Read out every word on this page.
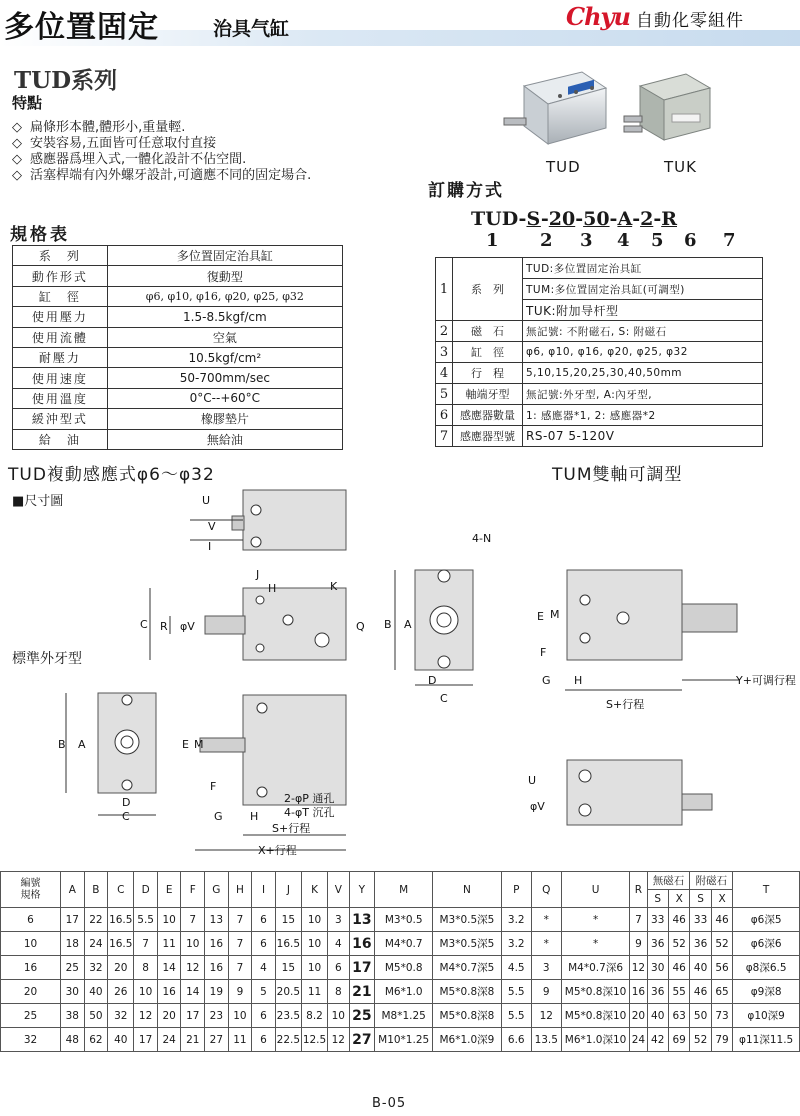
多位置固定	治具气缸	Chyu 自動化零組件
TUD系列
特點
◇ 扁條形本體,體形小,重量輕.
◇ 安裝容易,五面皆可任意取付直接
◇ 感應器爲埋入式,一體化設計不佔空間.
◇ 活塞桿端有內外螺牙設計,可適應不同的固定場合.	TUD	TUK
訂購方式
TUD-S-20-50-A-2-R
1 2 3 4 5 6 7
1	系　列	TUD:多位置固定治具缸
		TUM:多位置固定治具缸(可調型)
		TUK:附加导杆型
2	磁　石	無記號: 不附磁石, S: 附磁石
3	缸　徑	φ6, φ10, φ16, φ20, φ25, φ32
4	行　程	5,10,15,20,25,30,40,50mm
5	軸端牙型	無記號:外牙型, A:內牙型,
6	感應器數量	1: 感應器*1, 2: 感應器*2
7	感應器型號	RS-07 5-120V
規格表
系　列	多位置固定治具缸
動作形式	復動型
缸　徑	φ6, φ10, φ16, φ20, φ25, φ32
使用壓力	1.5-8.5kgf/cm
使用流體	空氣
耐壓力	10.5kgf/cm²
使用速度	50-700mm/sec
使用溫度	0°C--+60°C
緩沖型式	橡膠墊片
給　油	無給油
TUD複動感應式φ6～φ32	TUM雙軸可調型
■尺寸圖
標準外牙型
U
V
I
J
K
H
C R φV	Q
4-N
B A
D
C
E M
F
G H
S+行程
Y+可调行程
U
φV
B A
D
C
E M
F
G H
S+行程
X+行程
2-φP 通孔
4-φT 沉孔
編號
規格	A	B	C	D	E	F	G	H	I	J	K	V	Y	M	N	P	Q	U	R	無磁石		附磁石		T
																				S	X	S	X	
6	17	22	16.5	5.5	10	7	13	7	6	15	10	3	13	M3*0.5	M3*0.5深5	3.2	*	*	7	33	46	33	46	φ6深5
10	18	24	16.5	7	11	10	16	7	6	16.5	10	4	16	M4*0.7	M3*0.5深5	3.2	*	*	9	36	52	36	52	φ6深6
16	25	32	20	8	14	12	16	7	4	15	10	6	17	M5*0.8	M4*0.7深5	4.5	3	M4*0.7深6	12	30	46	40	56	φ8深6.5
20	30	40	26	10	16	14	19	9	5	20.5	11	8	21	M6*1.0	M5*0.8深8	5.5	9	M5*0.8深10	16	36	55	46	65	φ9深8
25	38	50	32	12	20	17	23	10	6	23.5	8.2	10	25	M8*1.25	M5*0.8深8	5.5	12	M5*0.8深10	20	40	63	50	73	φ10深9
32	48	62	40	17	24	21	27	11	6	22.5	12.5	12	27	M10*1.25	M6*1.0深9	6.6	13.5	M6*1.0深10	24	42	69	52	79	φ11深11.5
B-05
